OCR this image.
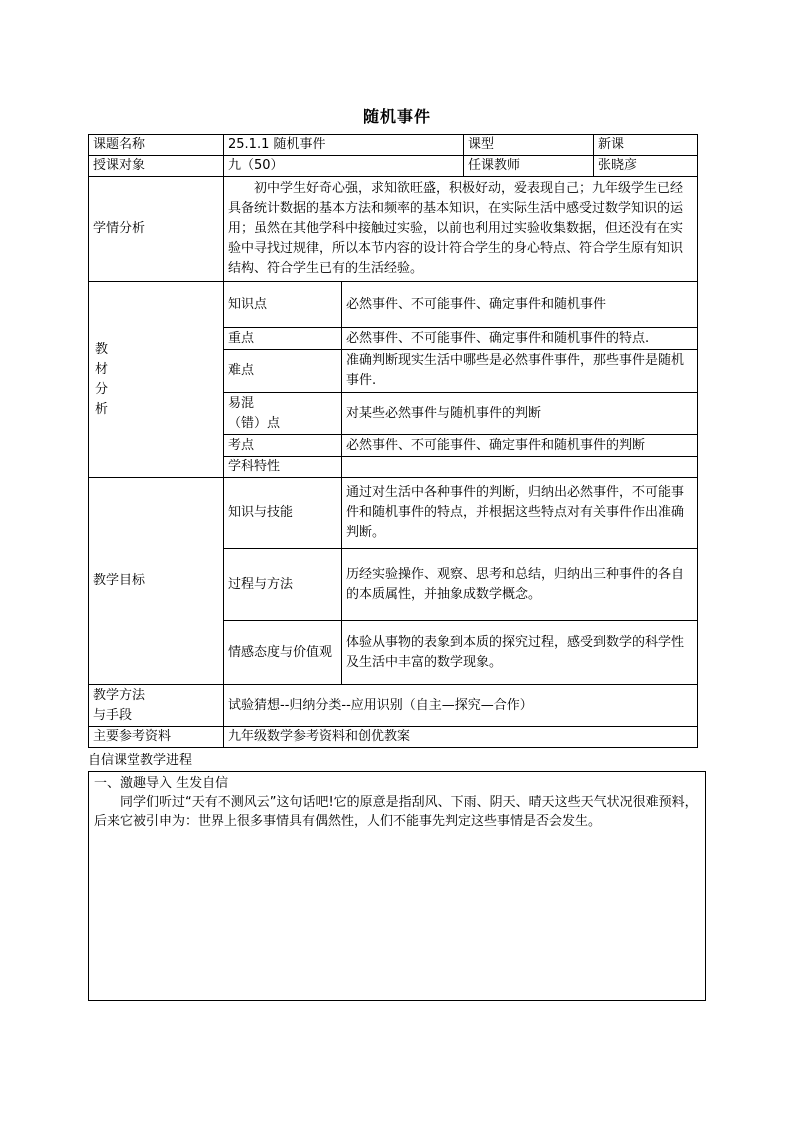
随机事件
课题名称	25.1.1 随机事件		课型	新课
授课对象	九（50）		任课教师	张晓彦
学情分析	初中学生好奇心强，求知欲旺盛，积极好动，爱表现自己；九年级学生已经具备统计数据的基本方法和频率的基本知识，在实际生活中感受过数学知识的运用；虽然在其他学科中接触过实验，以前也利用过实验收集数据，但还没有在实验中寻找过规律，所以本节内容的设计符合学生的身心特点、符合学生原有知识结构、符合学生已有的生活经验。			

教
材
分
析	知识点	必然事件、不可能事件、确定事件和随机事件		
	重点	必然事件、不可能事件、确定事件和随机事件的特点.		
	难点	准确判断现实生活中哪些是必然事件事件，那些事件是随机事件.		

	易混
（错）点	对某些必然事件与随机事件的判断		
	考点	必然事件、不可能事件、确定事件和随机事件的判断		
	学科特性			
教学目标	知识与技能	通过对生活中各种事件的判断，归纳出必然事件，不可能事件和随机事件的特点，并根据这些特点对有关事件作出准确判断。		
	过程与方法	历经实验操作、观察、思考和总结，归纳出三种事件的各自的本质属性，并抽象成数学概念。		
	情感态度与价值观	体验从事物的表象到本质的探究过程，感受到数学的科学性及生活中丰富的数学现象。		

教学方法
与手段	试验猜想--归纳分类--应用识别（自主—探究—合作）			
主要参考资料	九年级数学参考资料和创优教案			
自信课堂教学进程

一、激趣导入 生发自信

同学们听过“天有不测风云”这句话吧!它的原意是指刮风、下雨、阴天、晴天这些天气状况很难预料，后来它被引申为：世界上很多事情具有偶然性，人们不能事先判定这些事情是否会发生。
